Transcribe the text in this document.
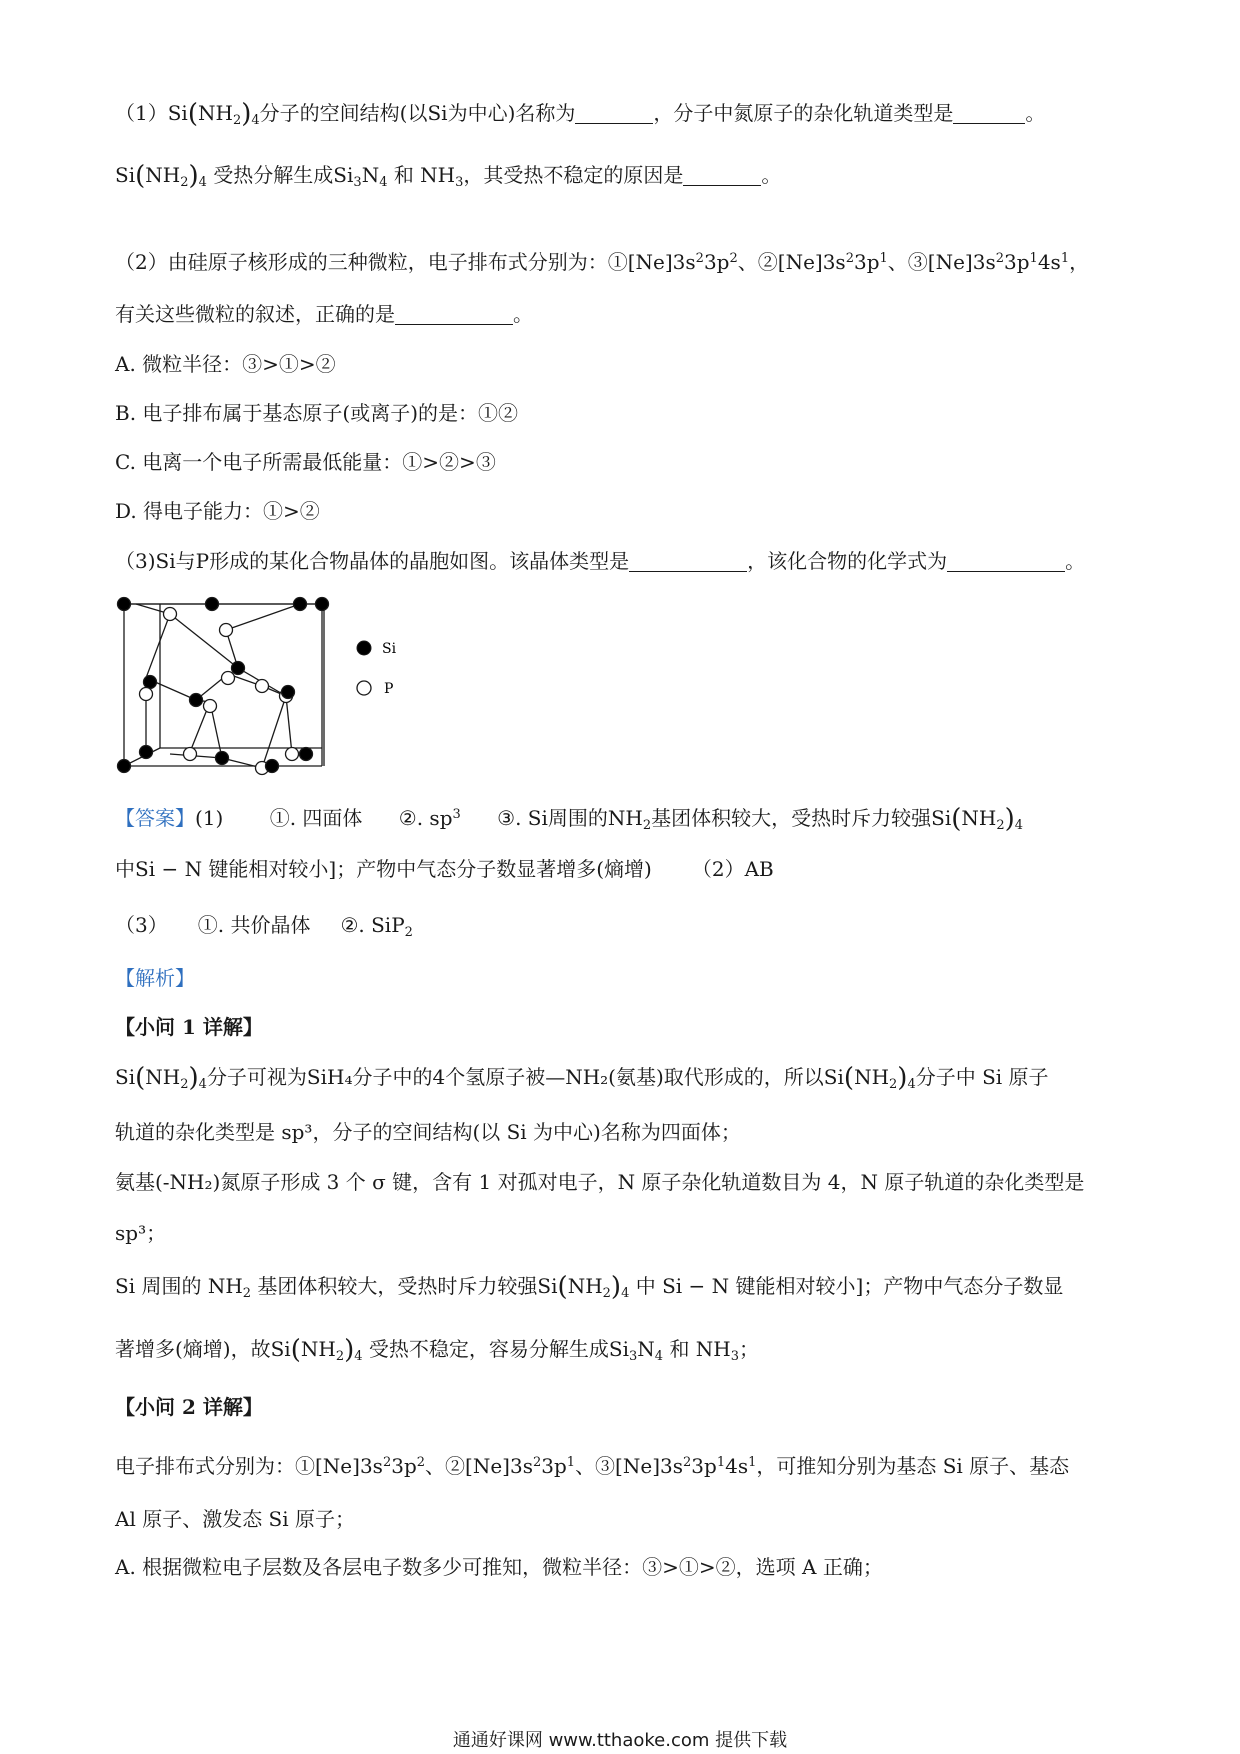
$(1)Si(NH_2)_4$分子的空间结构(以Si为中心)名称为	，分子中氮原子的杂化轨道类型是	。
$Si(NH_2)_4$ 受热分解生成$Si_3N_4$ 和 $NH_3$，其受热不稳定的原因是	。
（2）由硅原子核形成的三种微粒，电子排布式分别为：$①[Ne]3s^23p^2$、$②[Ne]3s^23p^1$、$③[Ne]3s^23p^14s^1$，
有关这些微粒的叙述，正确的是	。
A. 微粒半径：③>①>②
B. 电子排布属于基态原子(或离子)的是：①②
C. 电离一个电子所需最低能量：①>②>③
D. 得电子能力：①>②
（3)Si与P形成的某化合物晶体的晶胞如图。该晶体类型是	，该化合物的化学式为	。
Si
P
【答案】(1) ①. 四面体 ②. $sp^3$ ③. Si周围的$NH_2$基团体积较大，受热时斥力较强$Si(NH_2)_4$
中Si − N 键能相对较小]；产物中气态分子数显著增多(熵增) （2）AB
（3） ①. 共价晶体 ②. SiP$_2$
【解析】
【小问 1 详解】
$Si(NH_2)_4$分子可视为SiH₄分子中的4个氢原子被—NH₂(氨基)取代形成的，所以$Si(NH_2)_4$分子中 Si 原子
轨道的杂化类型是 sp³，分子的空间结构(以 Si 为中心)名称为四面体；
氨基(-NH₂)氮原子形成 3 个 σ 键，含有 1 对孤对电子，N 原子杂化轨道数目为 4，N 原子轨道的杂化类型是
sp³；
Si 周围的 $NH_2$ 基团体积较大，受热时斥力较强$Si(NH_2)_4$ 中 Si − N 键能相对较小]；产物中气态分子数显
著增多(熵增)，故$Si(NH_2)_4$ 受热不稳定，容易分解生成$Si_3N_4$ 和 $NH_3$；
【小问 2 详解】
电子排布式分别为：$①[Ne]3s^23p^2$、$②[Ne]3s^23p^1$、$③[Ne]3s^23p^14s^1$，可推知分别为基态 Si 原子、基态
Al 原子、激发态 Si 原子；
A. 根据微粒电子层数及各层电子数多少可推知，微粒半径：③>①>②，选项 A 正确；
通通好课网 www.tthaoke.com 提供下载
